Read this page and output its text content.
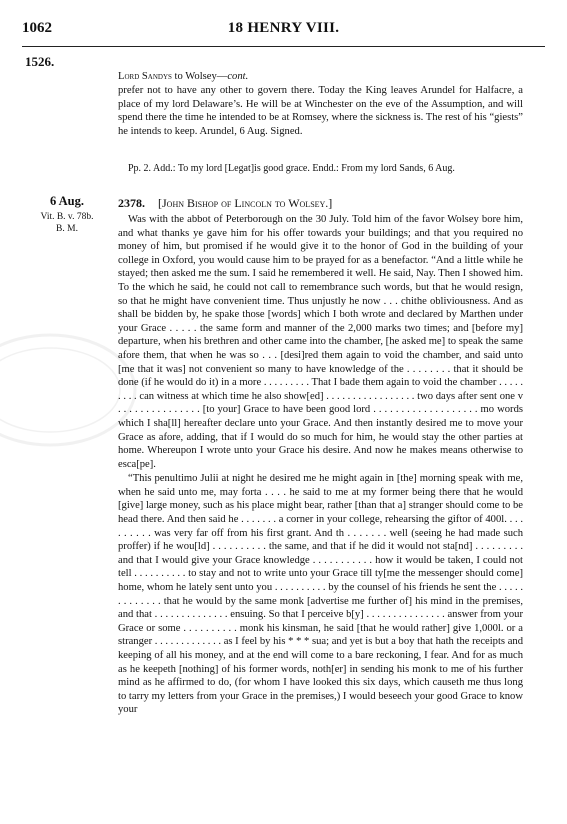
1062	18 HENRY VIII.
1526.
Lord Sandys to Wolsey—cont.

prefer not to have any other to govern there. Today the King leaves Arundel for Halfacre, a place of my lord Delaware’s. He will be at Winchester on the eve of the Assumption, and will spend there the time he intended to be at Romsey, where the sickness is. The rest of his “giests” he intends to keep. Arundel, 6 Aug. Signed.

Pp. 2. Add.: To my lord [Legat]is good grace. Endd.: From my lord Sands, 6 Aug.

6 Aug.
Vit. B. v. 78b.
B. M.
2378. [John Bishop of Lincoln to Wolsey.]

Was with the abbot of Peterborough on the 30 July. Told him of the favor Wolsey bore him, and what thanks ye gave him for his offer towards your buildings; and that you required no money of him, but promised if he would give it to the honor of God in the building of your college in Oxford, you would cause him to be prayed for as a benefactor. “And a little while he stayed; then asked me the sum. I said he remembered it well. He said, Nay. Then I showed him. To the which he said, he could not call to remembrance such words, but that he would resign, so that he might have convenient time. Thus unjustly he now . . . chithe obliviousness. And as shall be bidden by, he spake those [words] which I both wrote and declared by Marthen under your Grace . . . . . the same form and manner of the 2,000 marks two times; and [before my] departure, when his brethren and other came into the chamber, [he asked me] to speak the same afore them, that when he was so . . . [desi]red them again to void the chamber, and said unto [me that it was] not convenient so many to have knowledge of the . . . . . . . . that it should be done (if he would do it) in a more . . . . . . . . . That I bade them again to void the chamber . . . . . . . . . can witness at which time he also show[ed] . . . . . . . . . . . . . . . . . two days after sent one v . . . . . . . . . . . . . . . [to your] Grace to have been good lord . . . . . . . . . . . . . . . . . . . mo words which I sha[ll] hereafter declare unto your Grace. And then instantly desired me to move your Grace as afore, adding, that if I would do so much for him, he would stay the other parties at home. Whereupon I wrote unto your Grace his desire. And now he makes means otherwise to esca[pe].

“This penultimo Julii at night he desired me he might again in [the] morning speak with me, when he said unto me, may forta . . . . he said to me at my former being there that he would [give] large money, such as his place might bear, rather [than that a] stranger should come to be head there. And then said he . . . . . . . a corner in your college, rehearsing the giftor of 400l. . . . . . . . . . was very far off from his first grant. And th . . . . . . . well (seeing he had made such proffer) if he wou[ld] . . . . . . . . . . the same, and that if he did it would not sta[nd] . . . . . . . . . and that I would give your Grace knowledge . . . . . . . . . . . how it would be taken, I could not tell . . . . . . . . . . to stay and not to write unto your Grace till ty[me the messenger should come] home, whom he lately sent unto you . . . . . . . . . . by the counsel of his friends he sent the . . . . . . . . . . . . . that he would by the same monk [advertise me further of] his mind in the premises, and that . . . . . . . . . . . . . . ensuing. So that I perceive b[y] . . . . . . . . . . . . . . . answer from your Grace or some . . . . . . . . . . monk his kinsman, he said [that he would rather] give 1,000l. or a stranger . . . . . . . . . . . . . as I feel by his * * * sua; and yet is but a boy that hath the receipts and keeping of all his money, and at the end will come to a bare reckoning, I fear. And for as much as he keepeth [nothing] of his former words, noth[er] in sending his monk to me of his further mind as he affirmed to do, (for whom I have looked this six days, which causeth me thus long to tarry my letters from your Grace in the premises,) I would beseech your good Grace to know your
